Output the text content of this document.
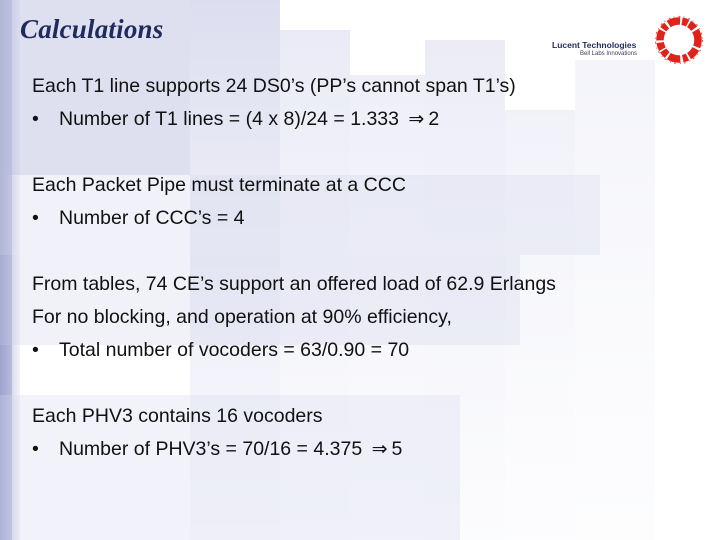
Calculations
Lucent Technologies
Bell Labs Innovations
Each T1 line supports 24 DS0’s (PP’s cannot span T1’s)
• Number of T1 lines = (4 x 8)/24 = 1.333 ⇒ 2
Each Packet Pipe must terminate at a CCC
• Number of CCC’s = 4
From tables, 74 CE’s support an offered load of 62.9 Erlangs
For no blocking, and operation at 90% efficiency,
• Total number of vocoders = 63/0.90 = 70
Each PHV3 contains 16 vocoders
• Number of PHV3’s = 70/16 = 4.375 ⇒ 5
